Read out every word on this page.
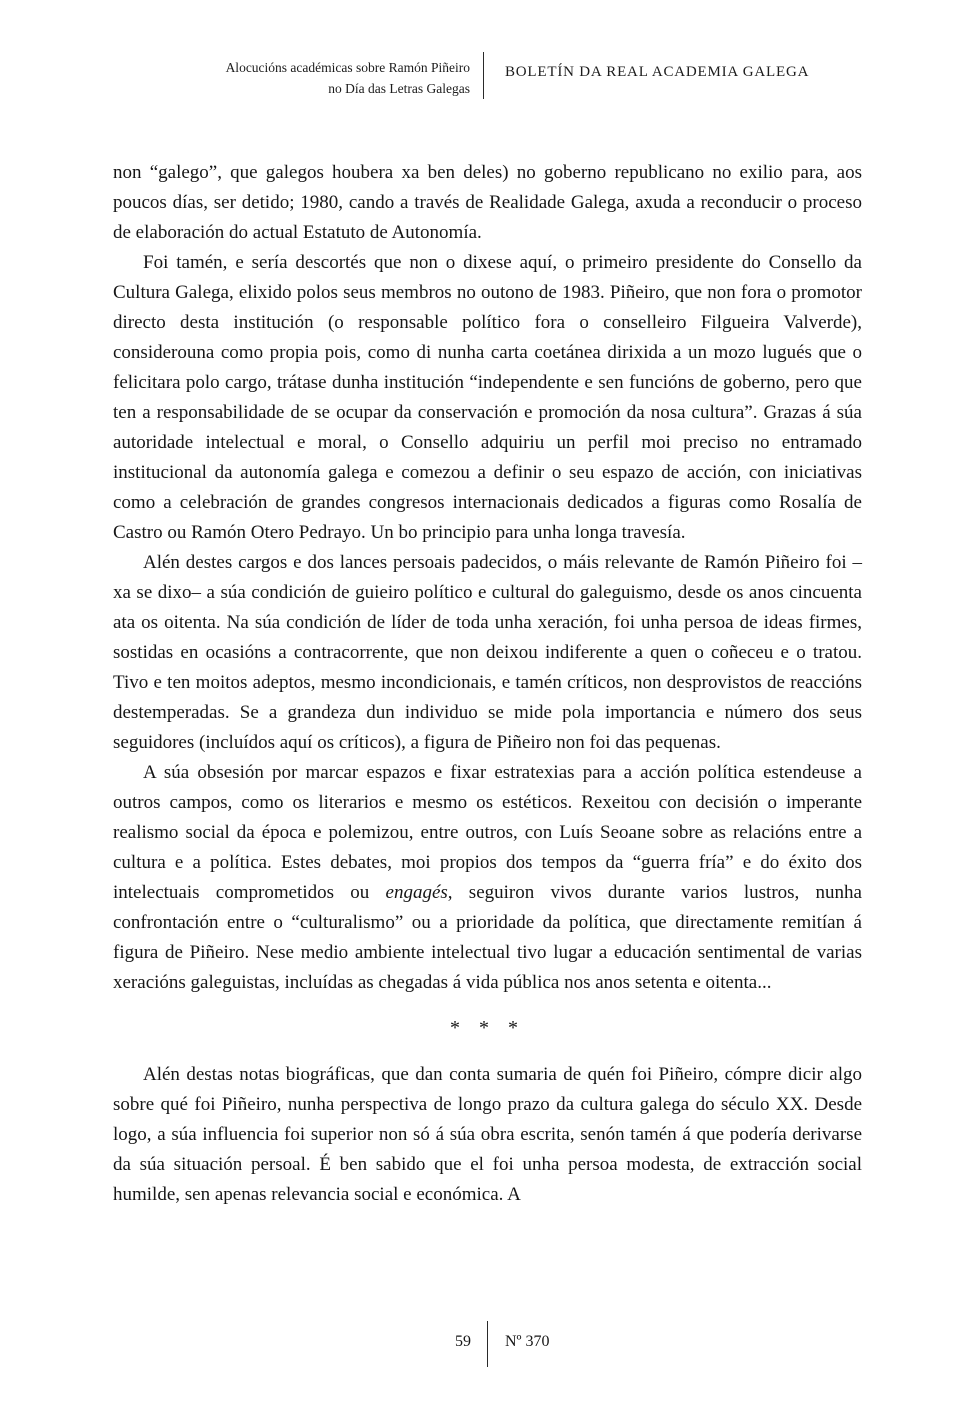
Alocucións académicas sobre Ramón Piñeiro
no Día das Letras Galegas
BOLETÍN DA REAL ACADEMIA GALEGA

non “galego”, que galegos houbera xa ben deles) no goberno republicano no exilio para, aos poucos días, ser detido; 1980, cando a través de Realidade Galega, axuda a reconducir o proceso de elaboración do actual Estatuto de Autonomía.

Foi tamén, e sería descortés que non o dixese aquí, o primeiro presidente do Consello da Cultura Galega, elixido polos seus membros no outono de 1983. Piñeiro, que non fora o promotor directo desta institución (o responsable político fora o conselleiro Filgueira Valverde), considerouna como propia pois, como di nunha carta coetánea dirixida a un mozo lugués que o felicitara polo cargo, trátase dunha institución “independente e sen funcións de goberno, pero que ten a responsabilidade de se ocupar da conservación e promoción da nosa cultura”. Grazas á súa autoridade intelectual e moral, o Consello adquiriu un perfil moi preciso no entramado institucional da autonomía galega e comezou a definir o seu espazo de acción, con iniciativas como a celebración de grandes congresos internacionais dedicados a figuras como Rosalía de Castro ou Ramón Otero Pedrayo. Un bo principio para unha longa travesía.

Alén destes cargos e dos lances persoais padecidos, o máis relevante de Ramón Piñeiro foi –xa se dixo– a súa condición de guieiro político e cultural do galeguismo, desde os anos cincuenta ata os oitenta. Na súa condición de líder de toda unha xeración, foi unha persoa de ideas firmes, sostidas en ocasións a contracorrente, que non deixou indiferente a quen o coñeceu e o tratou. Tivo e ten moitos adeptos, mesmo incondicionais, e tamén críticos, non desprovistos de reaccións destemperadas. Se a grandeza dun individuo se mide pola importancia e número dos seus seguidores (incluídos aquí os críticos), a figura de Piñeiro non foi das pequenas.

A súa obsesión por marcar espazos e fixar estratexias para a acción política estendeuse a outros campos, como os literarios e mesmo os estéticos. Rexeitou con decisión o imperante realismo social da época e polemizou, entre outros, con Luís Seoane sobre as relacións entre a cultura e a política. Estes debates, moi propios dos tempos da “guerra fría” e do éxito dos intelectuais comprometidos ou engagés, seguiron vivos durante varios lustros, nunha confrontación entre o “culturalismo” ou a prioridade da política, que directamente remitían á figura de Piñeiro. Nese medio ambiente intelectual tivo lugar a educación sentimental de varias xeracións galeguistas, incluídas as chegadas á vida pública nos anos setenta e oitenta...

* * *

Alén destas notas biográficas, que dan conta sumaria de quén foi Piñeiro, cómpre dicir algo sobre qué foi Piñeiro, nunha perspectiva de longo prazo da cultura galega do século XX. Desde logo, a súa influencia foi superior non só á súa obra escrita, senón tamén á que podería derivarse da súa situación persoal. É ben sabido que el foi unha persoa modesta, de extracción social humilde, sen apenas relevancia social e económica. A

59 Nº 370
